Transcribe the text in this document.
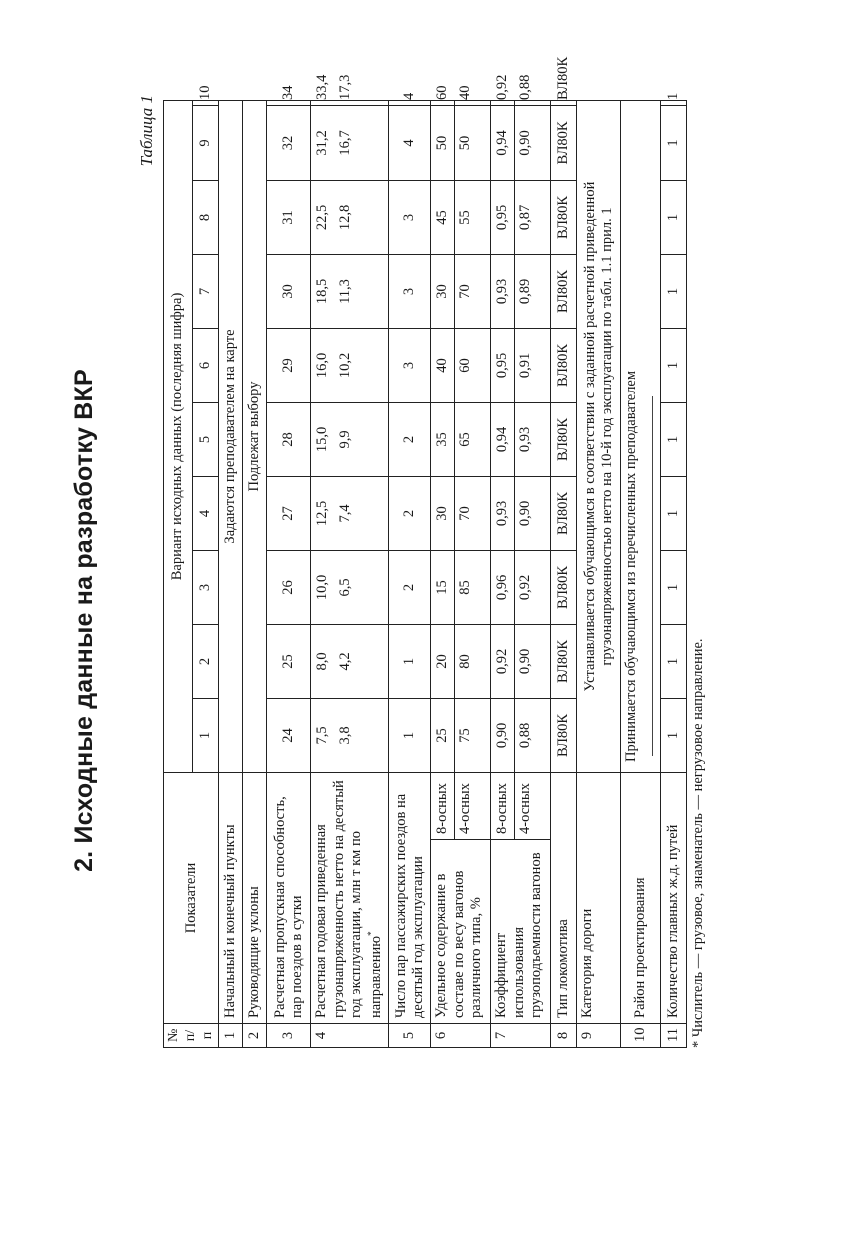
2. Исходные данные на разработку ВКР
Таблица 1
№ п/п	Показатели		Вариант исходных данных (последняя шифра)									
			1	2	3	4	5	6	7	8	9	10
1	Начальный и конечный пункты		Задаются преподавателем на карте									
2	Руководящие уклоны		Подлежат выбору									
3	Расчетная пропускная способность, пар поездов в сутки		24	25	26	27	28	29	30	31	32	34
4	Расчетная годовая приведенная грузонапряженность нетто на десятый год эксплуатации, млн т км по направлению*		7,5	8,0	10,0	12,5	15,0	16,0	18,5	22,5	31,2	33,4
			3,8	4,2	6,5	7,4	9,9	10,2	11,3	12,8	16,7	17,3
5	Число пар пассажирских поездов на десятый год эксплуатации		1	1	2	2	2	3	3	3	4	4
6	Удельное содержание в составе по весу вагонов различного типа, %	8-осных	25	20	15	30	35	40	30	45	50	60
		4-осных	75	80	85	70	65	60	70	55	50	40
7	Коэффициент использования грузоподъемности вагонов	8-осных	0,90	0,92	0,96	0,93	0,94	0,95	0,93	0,95	0,94	0,92
		4-осных	0,88	0,90	0,92	0,90	0,93	0,91	0,89	0,87	0,90	0,88
8	Тип локомотива		ВЛ80К	ВЛ80К	ВЛ80К	ВЛ80К	ВЛ80К	ВЛ80К	ВЛ80К	ВЛ80К	ВЛ80К	ВЛ80К
9	Категория дороги		Устанавливается обучающимся в соответствии с заданной расчетной приведенной грузонапряженностью нетто на 10-й год эксплуатации по табл. 1.1 прил. 1									

10	Район проектирования		Принимается обучающимся из перечисленных преподавателем									
11	Количество главных ж.д. путей		1	1	1	1	1	1	1	1	1	1
* Числитель — грузовое, знаменатель — негрузовое направление.
